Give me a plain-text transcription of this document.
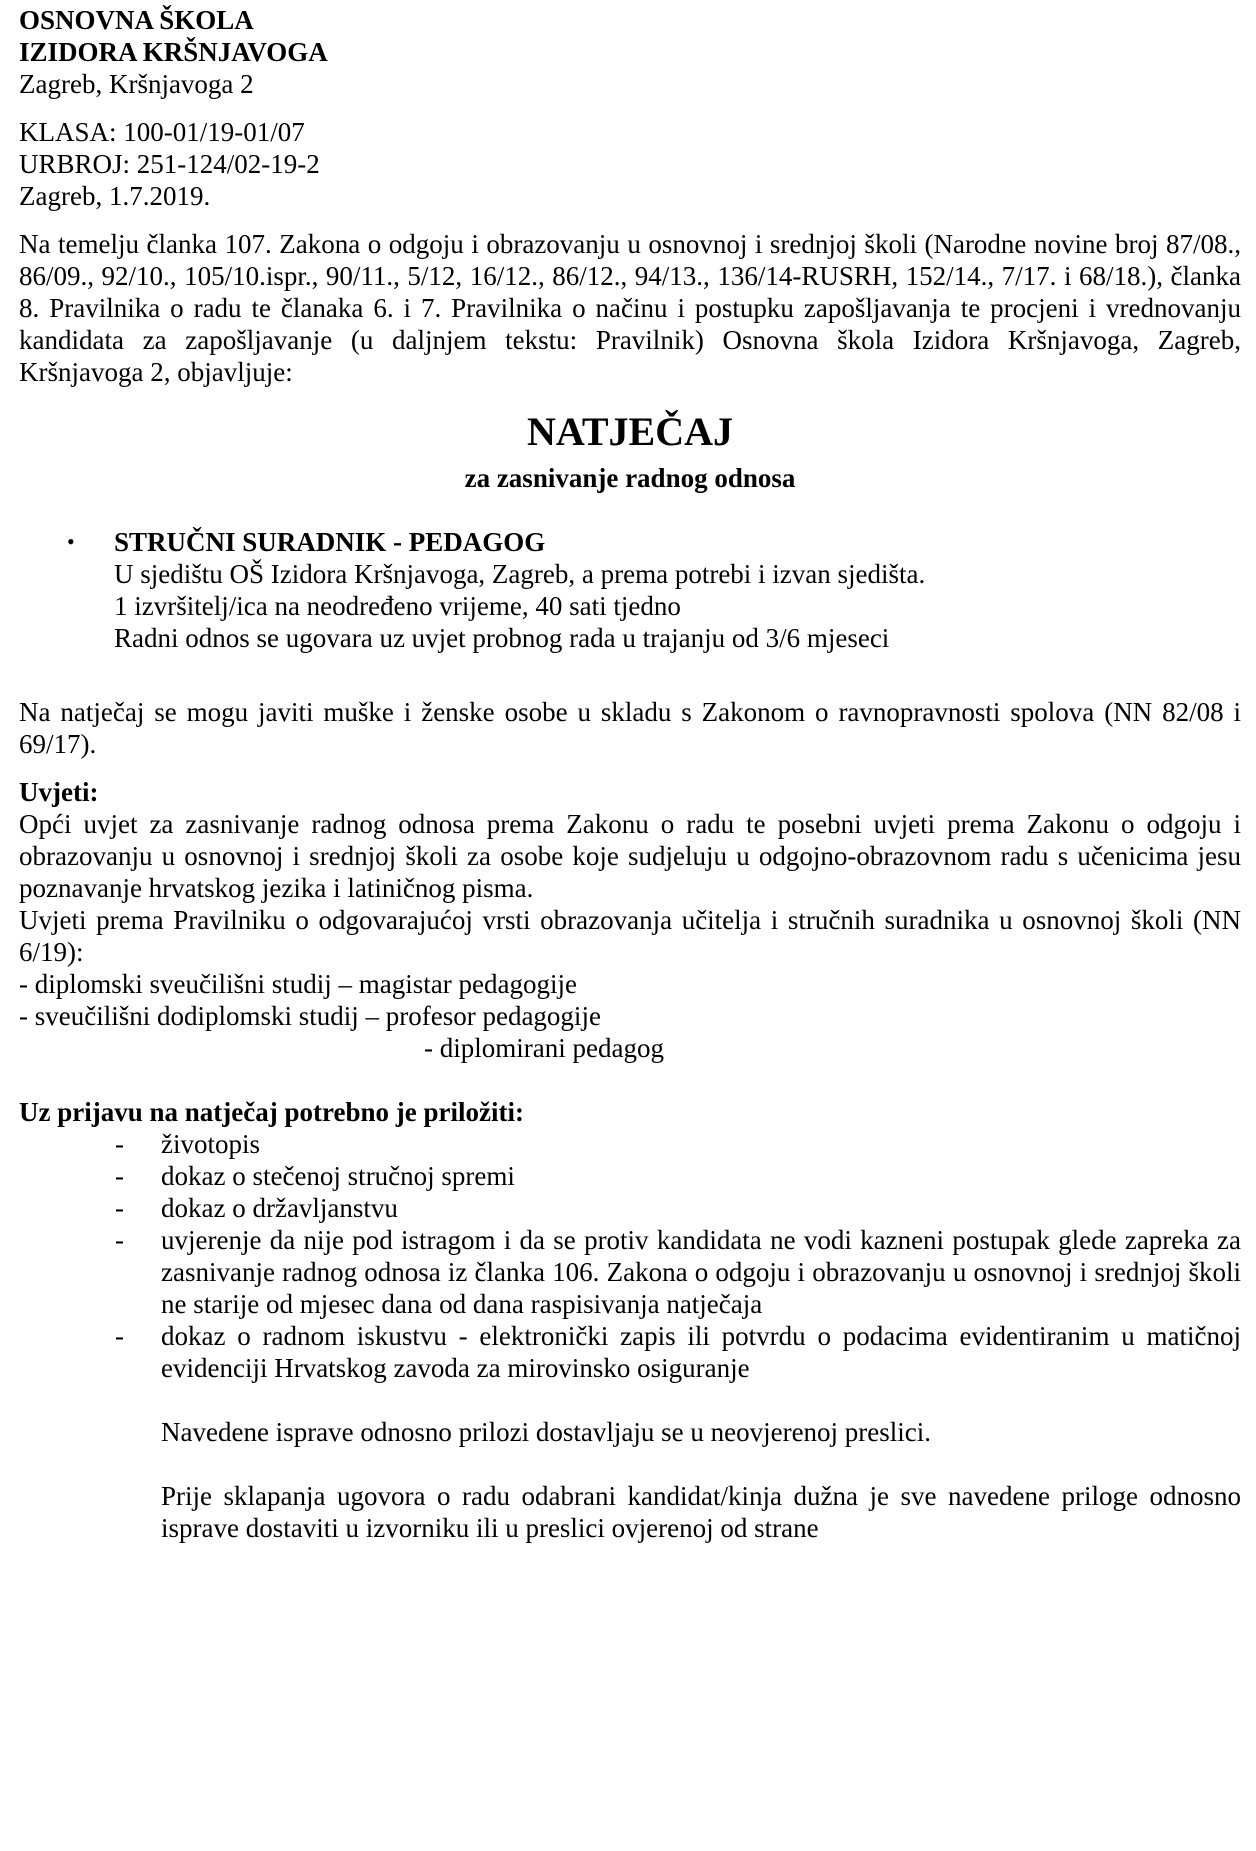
OSNOVNA ŠKOLA
IZIDORA KRŠNJAVOGA
Zagreb, Kršnjavoga 2
KLASA: 100-01/19-01/07
URBROJ: 251-124/02-19-2
Zagreb, 1.7.2019.

Na temelju članka 107. Zakona o odgoju i obrazovanju u osnovnoj i srednjoj školi (Narodne novine broj 87/08., 86/09., 92/10., 105/10.ispr., 90/11., 5/12, 16/12., 86/12., 94/13., 136/14-RUSRH, 152/14., 7/17. i 68/18.), članka 8. Pravilnika o radu te članaka 6. i 7. Pravilnika o načinu i postupku zapošljavanja te procjeni i vrednovanju kandidata za zapošljavanje (u daljnjem tekstu: Pravilnik) Osnovna škola Izidora Kršnjavoga, Zagreb, Kršnjavoga 2, objavljuje:

NATJEČAJ
za zasnivanje radnog odnosa
• STRUČNI SURADNIK - PEDAGOG
U sjedištu OŠ Izidora Kršnjavoga, Zagreb, a prema potrebi i izvan sjedišta.
1 izvršitelj/ica na neodređeno vrijeme, 40 sati tjedno
Radni odnos se ugovara uz uvjet probnog rada u trajanju od 3/6 mjeseci

Na natječaj se mogu javiti muške i ženske osobe u skladu s Zakonom o ravnopravnosti spolova (NN 82/08 i 69/17).

Uvjeti:

Opći uvjet za zasnivanje radnog odnosa prema Zakonu o radu te posebni uvjeti prema Zakonu o odgoju i obrazovanju u osnovnoj i srednjoj školi za osobe koje sudjeluju u odgojno-obrazovnom radu s učenicima jesu poznavanje hrvatskog jezika i latiničnog pisma.

Uvjeti prema Pravilniku o odgovarajućoj vrsti obrazovanja učitelja i stručnih suradnika u osnovnoj školi (NN 6/19):

- diplomski sveučilišni studij – magistar pedagogije
- sveučilišni dodiplomski studij – profesor pedagogije
- diplomirani pedagog
Uz prijavu na natječaj potrebno je priložiti:
- životopis
- dokaz o stečenoj stručnoj spremi
- dokaz o državljanstvu
- uvjerenje da nije pod istragom i da se protiv kandidata ne vodi kazneni postupak glede zapreka za zasnivanje radnog odnosa iz članka 106. Zakona o odgoju i obrazovanju u osnovnoj i srednjoj školi ne starije od mjesec dana od dana raspisivanja natječaja
- dokaz o radnom iskustvu - elektronički zapis ili potvrdu o podacima evidentiranim u matičnoj evidenciji Hrvatskog zavoda za mirovinsko osiguranje

Navedene isprave odnosno prilozi dostavljaju se u neovjerenoj preslici.

Prije sklapanja ugovora o radu odabrani kandidat/kinja dužna je sve navedene priloge odnosno isprave dostaviti u izvorniku ili u preslici ovjerenoj od strane
